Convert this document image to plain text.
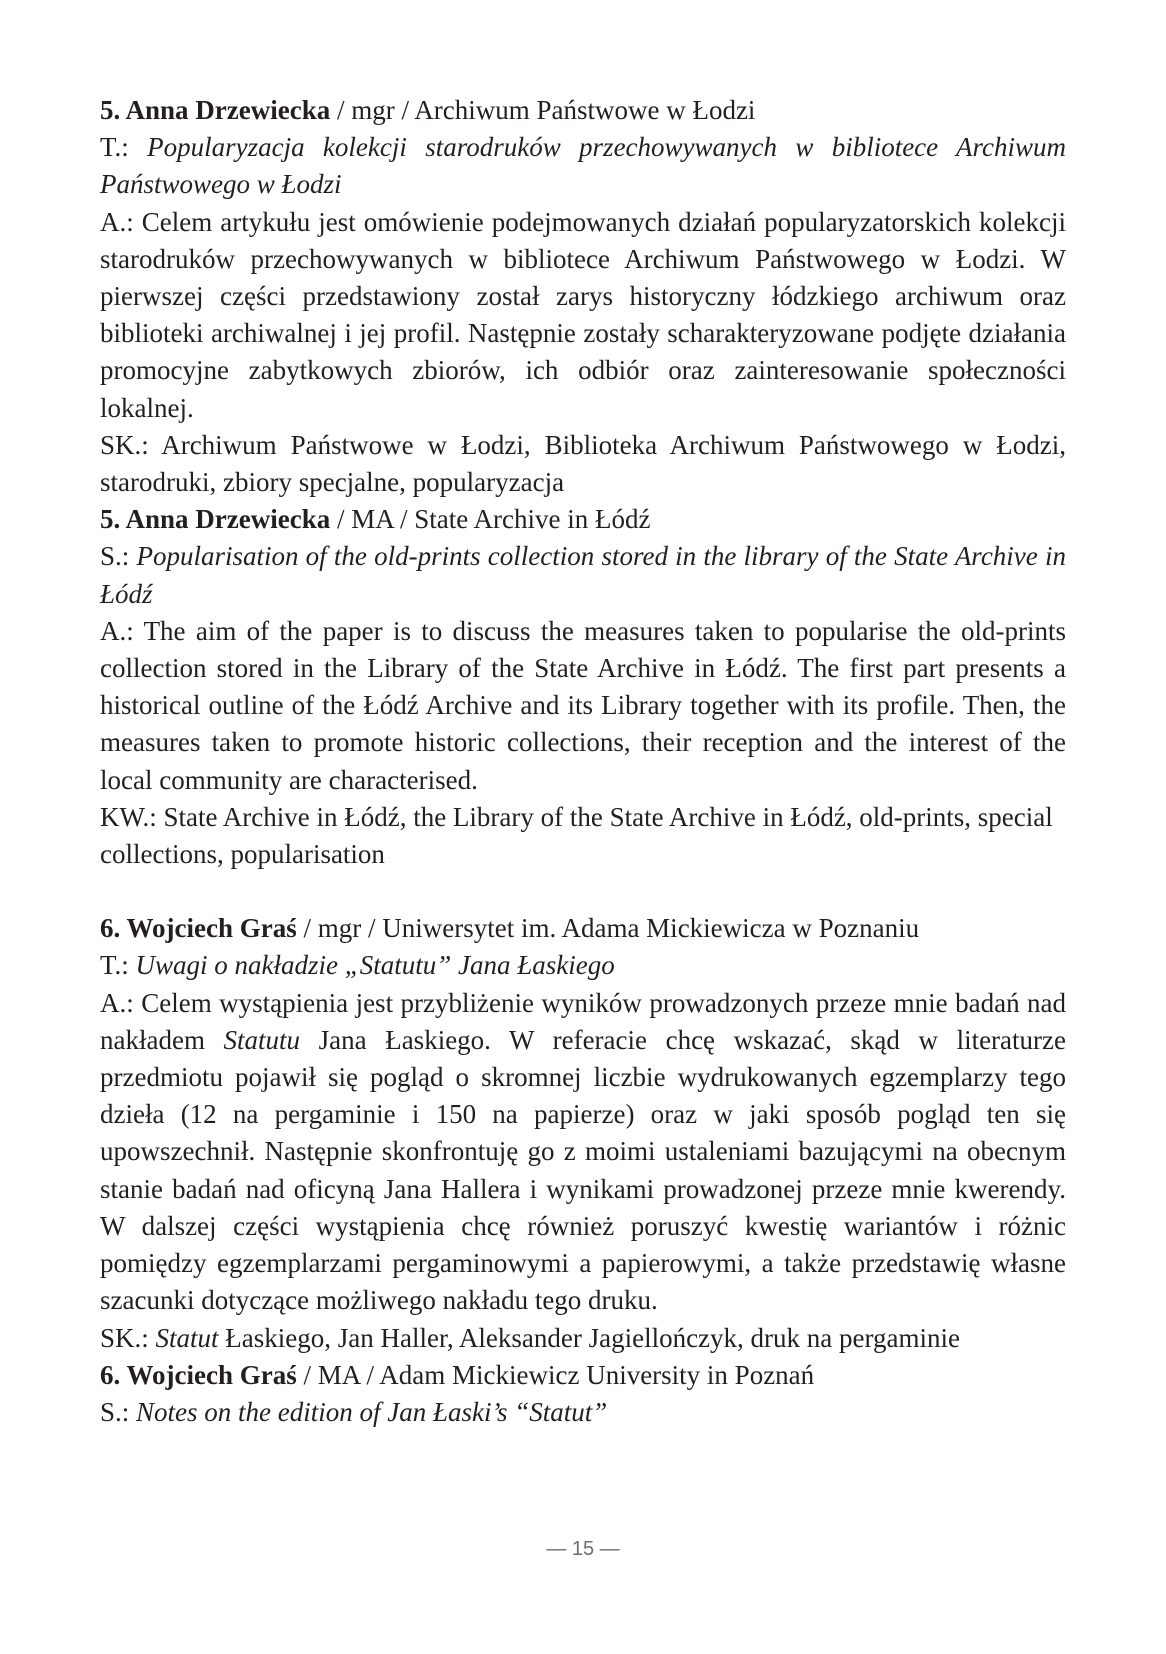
5. Anna Drzewiecka / mgr / Archiwum Państwowe w Łodzi

T.: Popularyzacja kolekcji starodruków przechowywanych w bibliotece Archiwum Państwowego w Łodzi

A.: Celem artykułu jest omówienie podejmowanych działań popularyzatorskich kolekcji starodruków przechowywanych w bibliotece Archiwum Państwowego w Łodzi. W pierwszej części przedstawiony został zarys historyczny łódzkiego archiwum oraz biblioteki archiwalnej i jej profil. Następnie zostały scharakteryzowane podjęte działania promocyjne zabytkowych zbiorów, ich odbiór oraz zainteresowanie społeczności lokalnej.

SK.: Archiwum Państwowe w Łodzi, Biblioteka Archiwum Państwowego w Łodzi, starodruki, zbiory specjalne, popularyzacja

5. Anna Drzewiecka / MA / State Archive in Łódź

S.: Popularisation of the old-prints collection stored in the library of the State Archive in Łódź

A.: The aim of the paper is to discuss the measures taken to popularise the old-prints collection stored in the Library of the State Archive in Łódź. The first part presents a historical outline of the Łódź Archive and its Library together with its profile. Then, the measures taken to promote historic collections, their reception and the interest of the local community are characterised.

KW.: State Archive in Łódź, the Library of the State Archive in Łódź, old-prints, special collections, popularisation

6. Wojciech Graś / mgr / Uniwersytet im. Adama Mickiewicza w Poznaniu

T.: Uwagi o nakładzie „Statutu” Jana Łaskiego

A.: Celem wystąpienia jest przybliżenie wyników prowadzonych przeze mnie badań nad nakładem Statutu Jana Łaskiego. W referacie chcę wskazać, skąd w literaturze przedmiotu pojawił się pogląd o skromnej liczbie wydrukowanych egzemplarzy tego dzieła (12 na pergaminie i 150 na papierze) oraz w jaki sposób pogląd ten się upowszechnił. Następnie skonfrontuję go z moimi ustaleniami bazującymi na obecnym stanie badań nad oficyną Jana Hallera i wynikami prowadzonej przeze mnie kwerendy. W dalszej części wystąpienia chcę również poruszyć kwestię wariantów i różnic pomiędzy egzemplarzami pergaminowymi a papierowymi, a także przedstawię własne szacunki dotyczące możliwego nakładu tego druku.

SK.: Statut Łaskiego, Jan Haller, Aleksander Jagiellończyk, druk na pergaminie

6. Wojciech Graś / MA / Adam Mickiewicz University in Poznań

S.: Notes on the edition of Jan Łaski’s “Statut”

— 15 —
